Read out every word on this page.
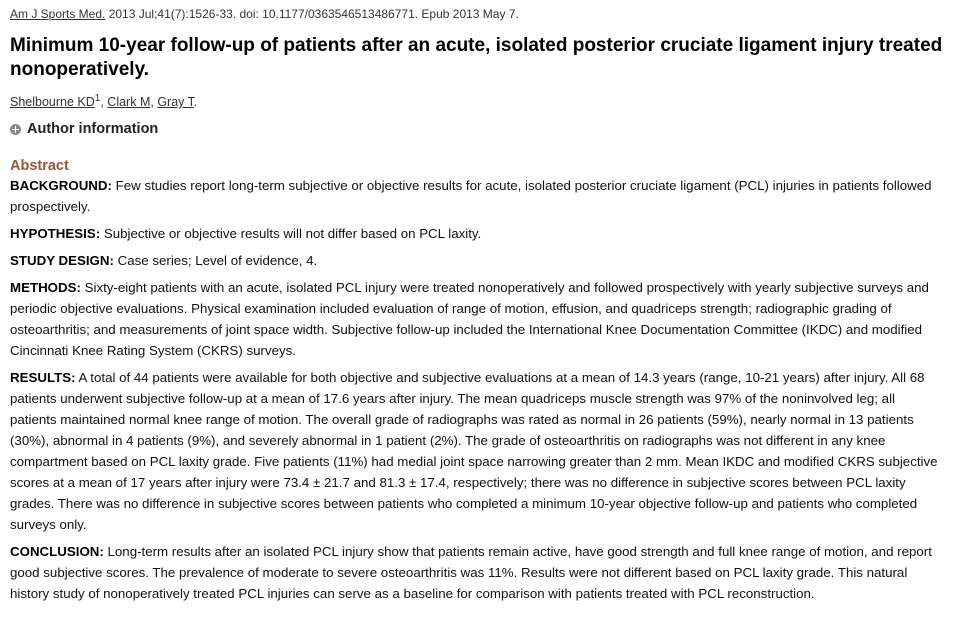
Am J Sports Med. 2013 Jul;41(7):1526-33. doi: 10.1177/0363546513486771. Epub 2013 May 7.

Minimum 10-year follow-up of patients after an acute, isolated posterior cruciate ligament injury treated nonoperatively.

Shelbourne $KD^1$, Clark M, Gray T.

Author information
Abstract

BACKGROUND: Few studies report long-term subjective or objective results for acute, isolated posterior cruciate ligament (PCL) injuries in patients followed prospectively.

HYPOTHESIS: Subjective or objective results will not differ based on PCL laxity.

STUDY DESIGN: Case series; Level of evidence, 4.

METHODS: Sixty-eight patients with an acute, isolated PCL injury were treated nonoperatively and followed prospectively with yearly subjective surveys and periodic objective evaluations. Physical examination included evaluation of range of motion, effusion, and quadriceps strength; radiographic grading of osteoarthritis; and measurements of joint space width. Subjective follow-up included the International Knee Documentation Committee (IKDC) and modified Cincinnati Knee Rating System (CKRS) surveys.

RESULTS: A total of 44 patients were available for both objective and subjective evaluations at a mean of 14.3 years (range, 10-21 years) after injury. All 68 patients underwent subjective follow-up at a mean of 17.6 years after injury. The mean quadriceps muscle strength was 97% of the noninvolved leg; all patients maintained normal knee range of motion. The overall grade of radiographs was rated as normal in 26 patients (59%), nearly normal in 13 patients (30%), abnormal in 4 patients (9%), and severely abnormal in 1 patient (2%). The grade of osteoarthritis on radiographs was not different in any knee compartment based on PCL laxity grade. Five patients (11%) had medial joint space narrowing greater than 2 mm. Mean IKDC and modified CKRS subjective scores at a mean of 17 years after injury were 73.4 ± 21.7 and 81.3 ± 17.4, respectively; there was no difference in subjective scores between PCL laxity grades. There was no difference in subjective scores between patients who completed a minimum 10-year objective follow-up and patients who completed surveys only.

CONCLUSION: Long-term results after an isolated PCL injury show that patients remain active, have good strength and full knee range of motion, and report good subjective scores. The prevalence of moderate to severe osteoarthritis was 11%. Results were not different based on PCL laxity grade. This natural history study of nonoperatively treated PCL injuries can serve as a baseline for comparison with patients treated with PCL reconstruction.
